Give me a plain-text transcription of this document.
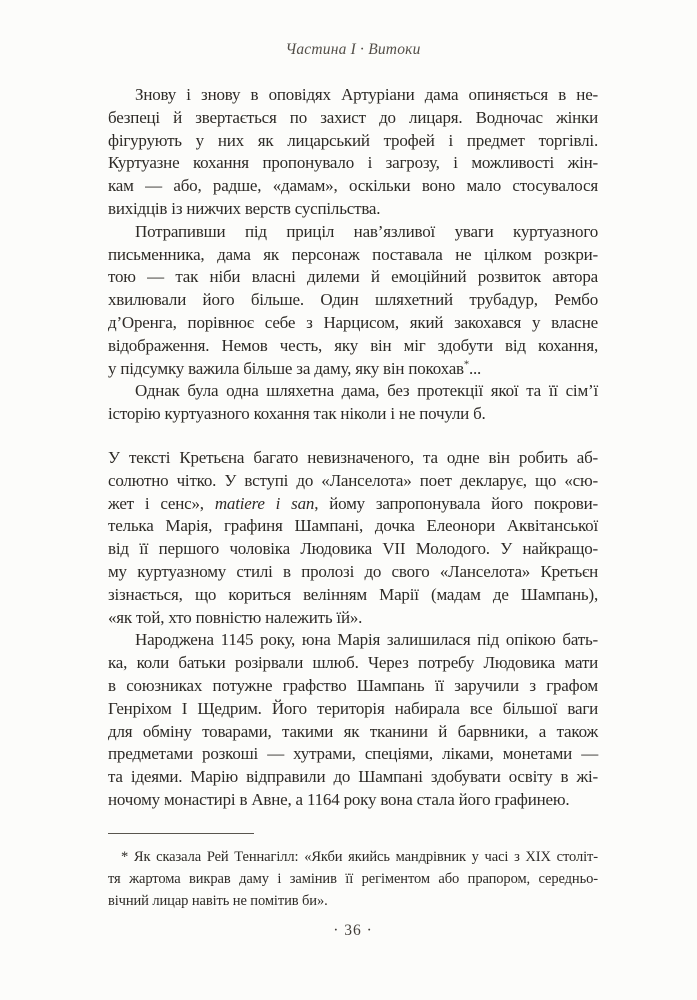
Частина I · Витоки
Знову і знову в оповідях Артуріани дама опиняється в не-
безпеці й звертається по захист до лицаря. Водночас жінки
фігурують у них як лицарський трофей і предмет торгівлі.
Куртуазне кохання пропонувало і загрозу, і можливості жін-
кам — або, радше, «дамам», оскільки воно мало стосувалося
вихідців із нижчих верств суспільства.
Потрапивши під приціл нав’язливої уваги куртуазного
письменника, дама як персонаж поставала не цілком розкри-
тою — так ніби власні дилеми й емоційний розвиток автора
хвилювали його більше. Один шляхетний трубадур, Рембо
д’Оренга, порівнює себе з Нарцисом, який закохався у власне
відображення. Немов честь, яку він міг здобути від кохання,
у підсумку важила більше за даму, яку він покохав*...
Однак була одна шляхетна дама, без протекції якої та її сім’ї
історію куртуазного кохання так ніколи і не почули б.
У тексті Кретьєна багато невизначеного, та одне він робить аб-
солютно чітко. У вступі до «Ланселота» поет декларує, що «сю-
жет і сенс», matiere i san, йому запропонувала його покрови-
телька Марія, графиня Шампані, дочка Елеонори Аквітанської
від її першого чоловіка Людовика VII Молодого. У найкращо-
му куртуазному стилі в пролозі до свого «Ланселота» Кретьєн
зізнається, що кориться велінням Марії (мадам де Шампань),
«як той, хто повністю належить їй».
Народжена 1145 року, юна Марія залишилася під опікою бать-
ка, коли батьки розірвали шлюб. Через потребу Людовика мати
в союзниках потужне графство Шампань її заручили з графом
Генріхом I Щедрим. Його територія набирала все більшої ваги
для обміну товарами, такими як тканини й барвники, а також
предметами розкоші — хутрами, спеціями, ліками, монетами —
та ідеями. Марію відправили до Шампані здобувати освіту в жі-
ночому монастирі в Авне, а 1164 року вона стала його графинею.
* Як сказала Рей Теннагілл: «Якби якийсь мандрівник у часі з XIX століт-
тя жартома викрав даму і замінив її регіментом або прапором, середньо-
вічний лицар навіть не помітив би».
· 36 ·
